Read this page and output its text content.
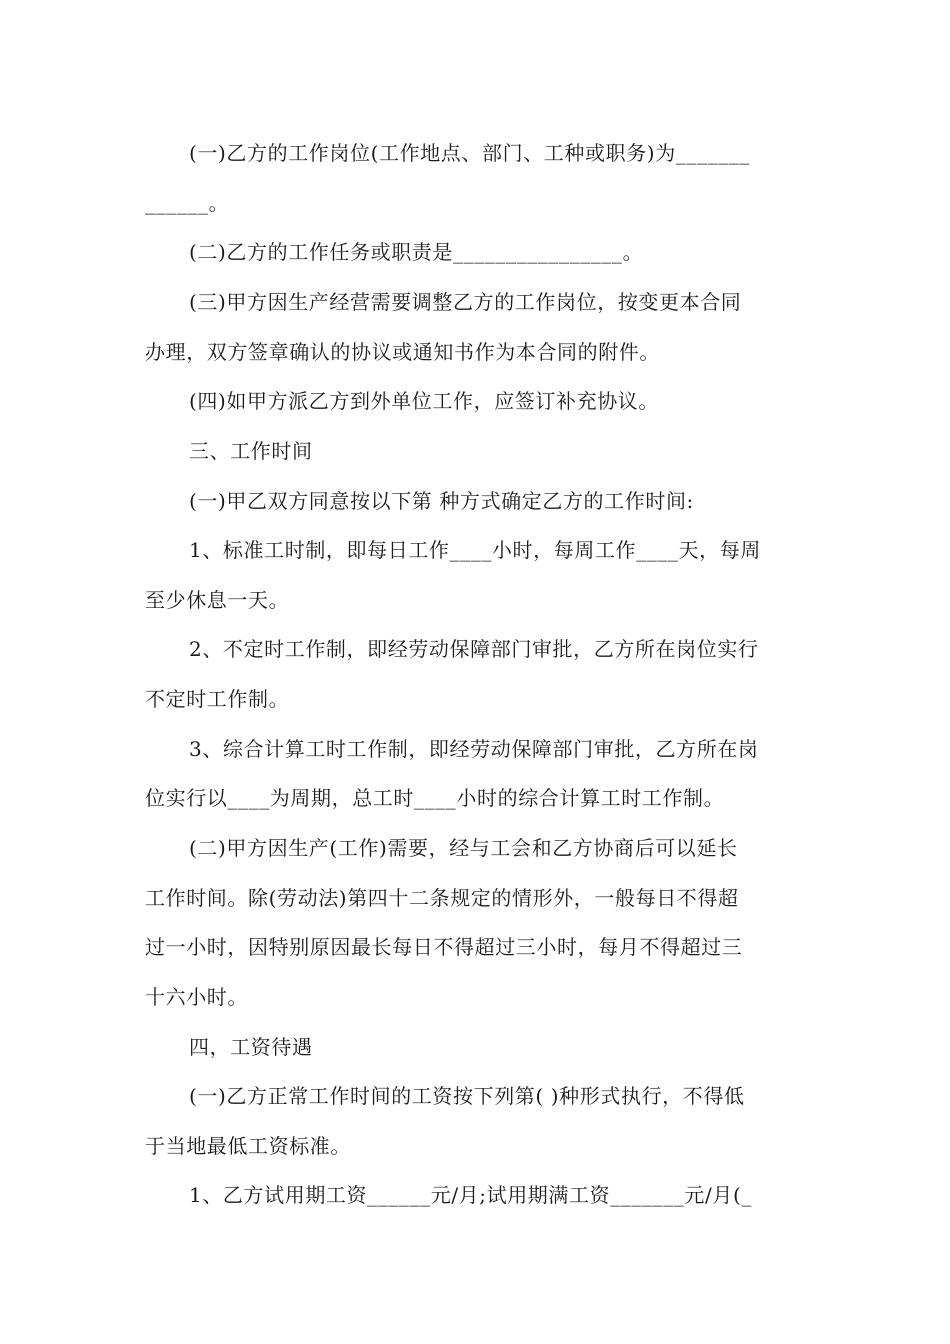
(一)乙方的工作岗位(工作地点、部门、工种或职务)为_______
______。
(二)乙方的工作任务或职责是________________。
(三)甲方因生产经营需要调整乙方的工作岗位，按变更本合同
办理，双方签章确认的协议或通知书作为本合同的附件。
(四)如甲方派乙方到外单位工作，应签订补充协议。
三、工作时间
(一)甲乙双方同意按以下第 种方式确定乙方的工作时间:
1、标准工时制，即每日工作____小时，每周工作____天，每周
至少休息一天。
2、不定时工作制，即经劳动保障部门审批，乙方所在岗位实行
不定时工作制。
3、综合计算工时工作制，即经劳动保障部门审批，乙方所在岗
位实行以____为周期，总工时____小时的综合计算工时工作制。
(二)甲方因生产(工作)需要，经与工会和乙方协商后可以延长
工作时间。除(劳动法)第四十二条规定的情形外，一般每日不得超
过一小时，因特别原因最长每日不得超过三小时，每月不得超过三
十六小时。
四，工资待遇
(一)乙方正常工作时间的工资按下列第( )种形式执行，不得低
于当地最低工资标准。
1、乙方试用期工资______元/月;试用期满工资_______元/月(_
